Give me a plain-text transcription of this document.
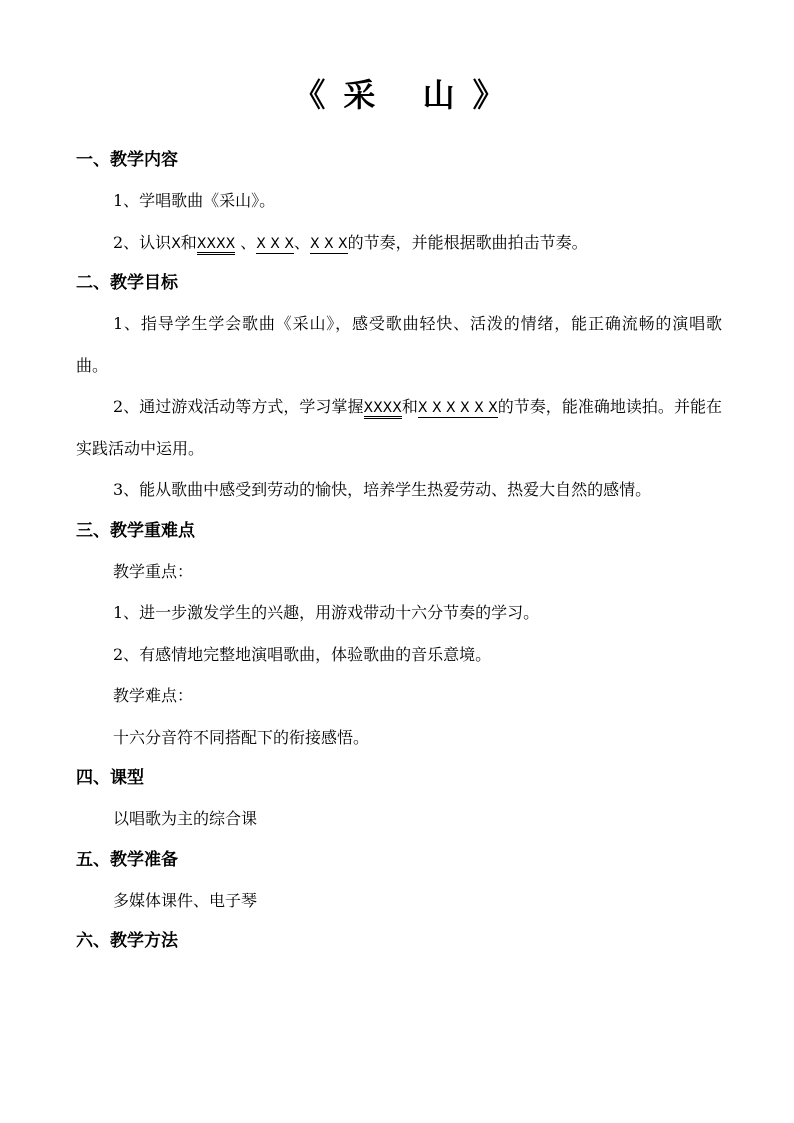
《采 山》
一、教学内容

1、学唱歌曲《采山》。

2、认识X和XXXX 、X X X、X X X的节奏，并能根据歌曲拍击节奏。

二、教学目标

1、指导学生学会歌曲《采山》，感受歌曲轻快、活泼的情绪，能正确流畅的演唱歌曲。

2、通过游戏活动等方式，学习掌握XXXX和X X X X X X的节奏，能准确地读拍。并能在实践活动中运用。

3、能从歌曲中感受到劳动的愉快，培养学生热爱劳动、热爱大自然的感情。

三、教学重难点

教学重点：

1、进一步激发学生的兴趣，用游戏带动十六分节奏的学习。

2、有感情地完整地演唱歌曲，体验歌曲的音乐意境。

教学难点：

十六分音符不同搭配下的衔接感悟。

四、课型

以唱歌为主的综合课

五、教学准备

多媒体课件、电子琴

六、教学方法
